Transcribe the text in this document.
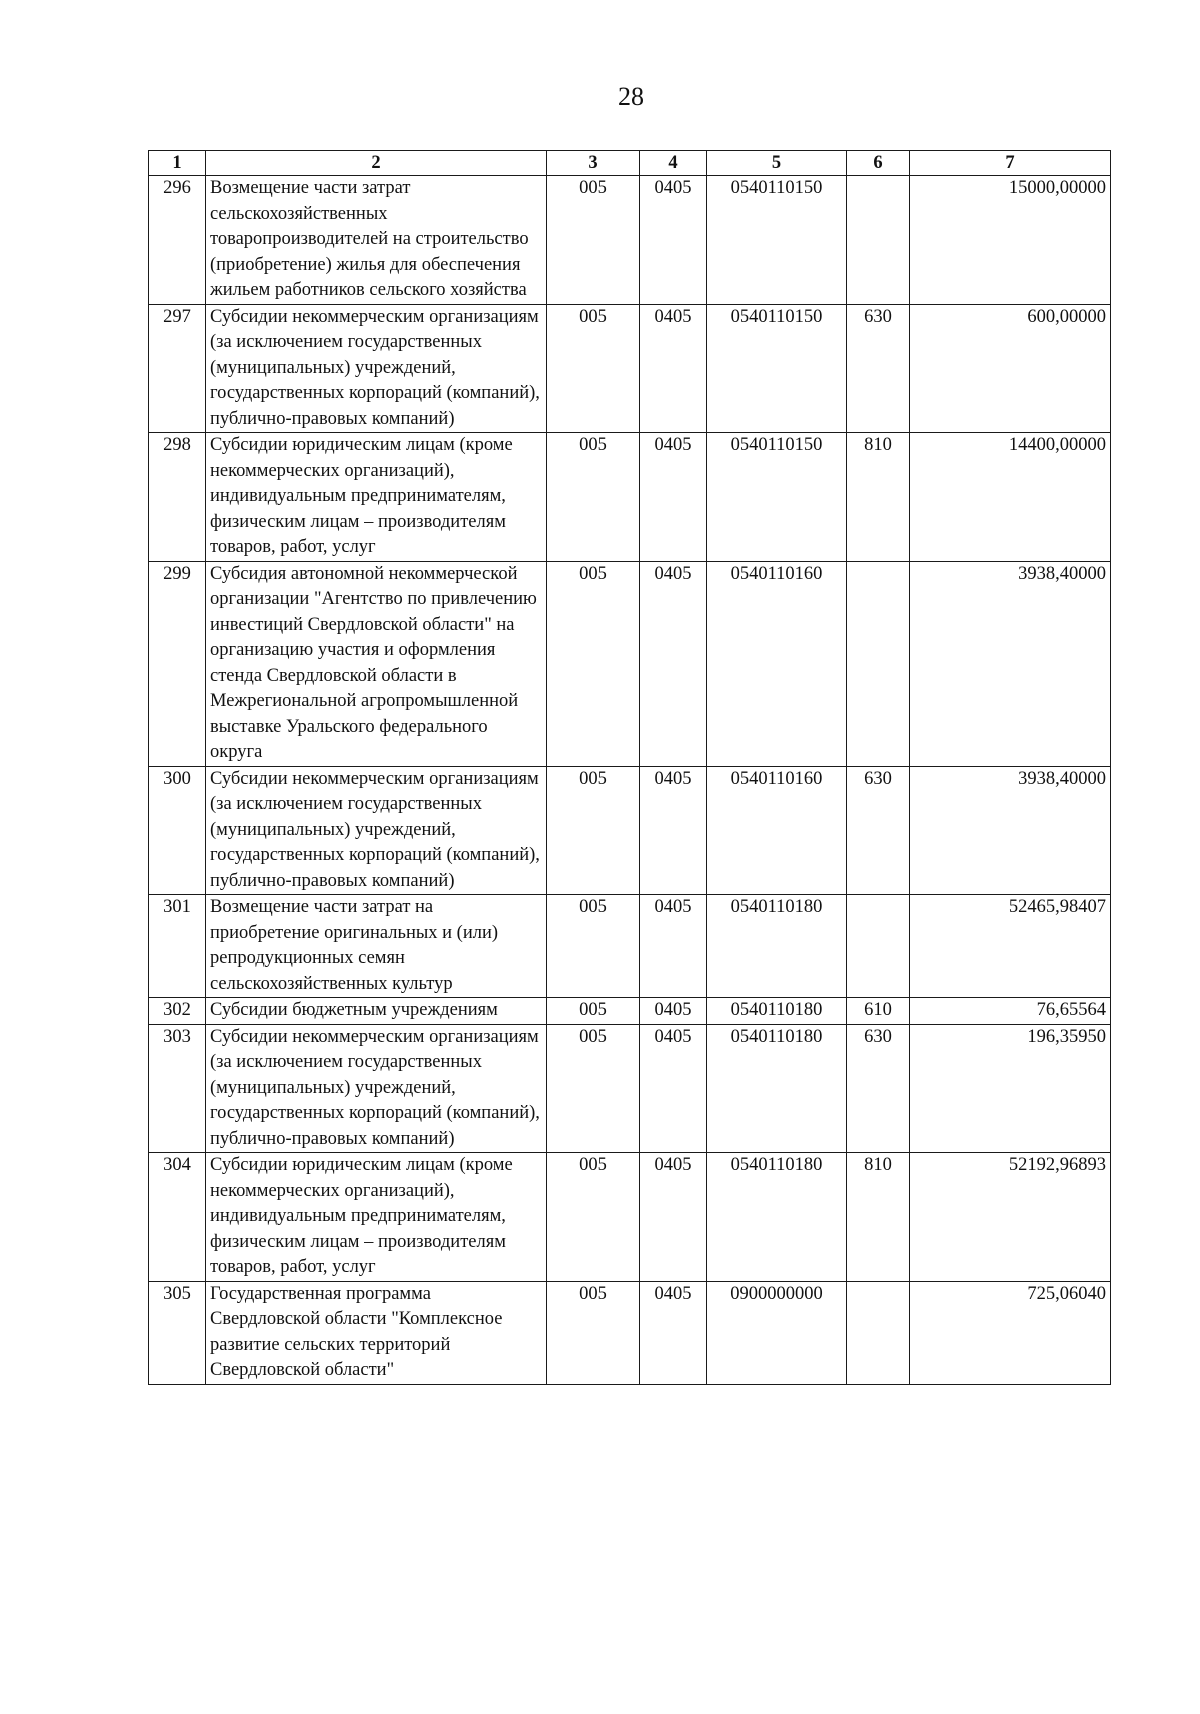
28
1	2	3	4	5	6	7
296	Возмещение части затрат сельскохозяйственных товаропроизводителей на строительство (приобретение) жилья для обеспечения жильем работников сельского хозяйства	005	0405	0540110150		15000,00000
297	Субсидии некоммерческим организациям (за исключением государственных (муниципальных) учреждений, государственных корпораций (компаний), публично-правовых компаний)	005	0405	0540110150	630	600,00000
298	Субсидии юридическим лицам (кроме некоммерческих организаций), индивидуальным предпринимателям, физическим лицам – производителям товаров, работ, услуг	005	0405	0540110150	810	14400,00000
299	Субсидия автономной некоммерческой организации "Агентство по привлечению инвестиций Свердловской области" на организацию участия и оформления стенда Свердловской области в Межрегиональной агропромышленной выставке Уральского федерального округа	005	0405	0540110160		3938,40000
300	Субсидии некоммерческим организациям (за исключением государственных (муниципальных) учреждений, государственных корпораций (компаний), публично-правовых компаний)	005	0405	0540110160	630	3938,40000
301	Возмещение части затрат на приобретение оригинальных и (или) репродукционных семян сельскохозяйственных культур	005	0405	0540110180		52465,98407
302	Субсидии бюджетным учреждениям	005	0405	0540110180	610	76,65564
303	Субсидии некоммерческим организациям (за исключением государственных (муниципальных) учреждений, государственных корпораций (компаний), публично-правовых компаний)	005	0405	0540110180	630	196,35950
304	Субсидии юридическим лицам (кроме некоммерческих организаций), индивидуальным предпринимателям, физическим лицам – производителям товаров, работ, услуг	005	0405	0540110180	810	52192,96893
305	Государственная программа Свердловской области "Комплексное развитие сельских территорий Свердловской области"	005	0405	0900000000		725,06040
